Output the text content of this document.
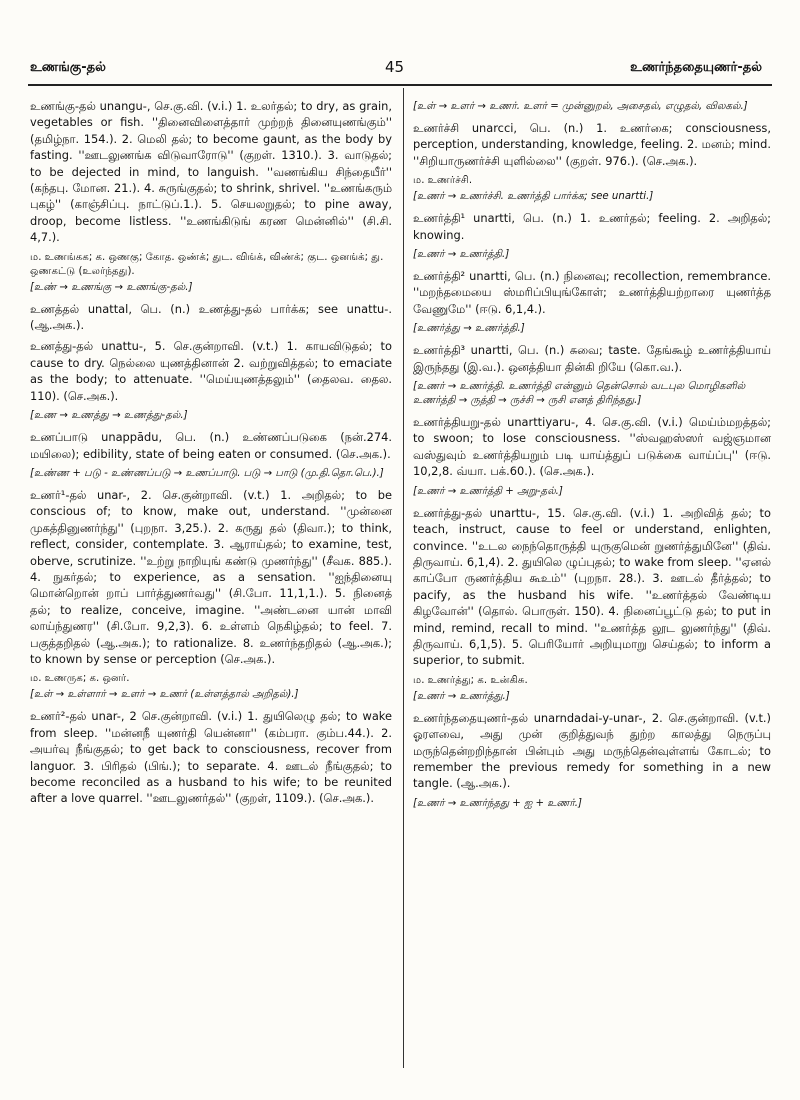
உணங்கு-தல்	45	உணர்ந்ததையுணர்-தல்
உணங்கு-தல் unangu-, செ.கு.வி. (v.i.) 1. உலர்தல்; to dry, as grain, vegetables or fish. ''தினைவிளைத்தார் முற்றந் தினையுணங்கும்'' (தமிழ்நா. 154.). 2. மெலி தல்; to become gaunt, as the body by fasting. ''ஊடலுணங்க விடுவாரோடு'' (குறள். 1310.). 3. வாடுதல்; to be dejected in mind, to languish. ''வணங்கிய சிந்தையீர்'' (கந்தபு. மோன. 21.). 4. சுருங்குதல்; to shrink, shrivel. ''உணங்கரும் புகழ்'' (காஞ்சிப்பு. நாட்டுப்.1.). 5. செயலறுதல்; to pine away, droop, become listless. ''உணங்கிடுங் கரண மென்னில்'' (சி.சி. 4,7.).
ம. உணங்கக; க. ஒணகு; கோத. ஒண்க்; துட. விங்க், விண்க்; குட. ஒனங்க்; து. ஒணகட்டு (உலர்ந்தது).
[உண் → உணங்கு → உணங்கு-தல்.]
உணத்தல் unattal, பெ. (n.) உணத்து-தல் பார்க்க; see unattu-. (ஆ.அக.).
உணத்து-தல் unattu-, 5. செ.குன்றாவி. (v.t.) 1. காயவிடுதல்; to cause to dry. நெல்லை யுணத்தினான் 2. வற்றுவித்தல்; to emaciate as the body; to attenuate. ''மெய்யுணத்தலும்'' (தைலவ. தைல. 110). (செ.அக.).
[உண → உணத்து → உணத்து-தல்.]
உணப்பாடு unappādu, பெ. (n.) உண்ணப்படுகை (நன்.274. மயிலை); edibility, state of being eaten or consumed. (செ.அக.).
[உண்ண + படு - உண்ணப்படு → உணப்பாடு. படு → பாடு (மு.தி.தொ.பெ.).]
உணர்¹-தல் unar-, 2. செ.குன்றாவி. (v.t.) 1. அறிதல்; to be conscious of; to know, make out, understand. ''முன்னை முகத்தினுணர்ந்து'' (புறநா. 3,25.). 2. கருது தல் (திவா.); to think, reflect, consider, contemplate. 3. ஆராய்தல்; to examine, test, oberve, scrutinize. ''உற்று நாறியுங் கண்டு முணர்ந்து'' (சீவக. 885.). 4. நுகர்தல்; to experience, as a sensation. ''ஐந்தினையு மொன்றொன் றாப் பார்த்துணர்வது'' (சி.போ. 11,1,1.). 5. நினைத் தல்; to realize, conceive, imagine. ''அண்டனை யான் மாவி லாய்ந்துணர'' (சி.போ. 9,2,3). 6. உள்ளம் நெகிழ்தல்; to feel. 7. பகுத்தறிதல் (ஆ.அக.); to rationalize. 8. உணர்ந்தறிதல் (ஆ.அக.); to known by sense or perception (செ.அக.).
ம. உணருக; க. ஒனர்.
[உள் → உள்ளார் → உளர் → உணர் (உள்ளத்தால் அறிதல்).]
உணர்²-தல் unar-, 2 செ.குன்றாவி. (v.i.) 1. துயிலெழு தல்; to wake from sleep. ''மன்னநீ யுணர்தி யென்னா'' (கம்பரா. கும்ப.44.). 2. அயர்வு நீங்குதல்; to get back to consciousness, recover from languor. 3. பிரிதல் (பிங்.); to separate. 4. ஊடல் நீங்குதல்; to become reconciled as a husband to his wife; to be reunited after a love quarrel. ''ஊடலுணர்தல்'' (குறள், 1109.). (செ.அக.).
[உள் → உளர் → உணர். உளர் = முன்னுறல், அசைதல், எழுதல், விலகல்.]
உணர்ச்சி unarcci, பெ. (n.) 1. உணர்கை; consciousness, perception, understanding, knowledge, feeling. 2. மனம்; mind. ''சிறியாருணர்ச்சி யுளில்லை'' (குறள். 976.). (செ.அக.).
ம. உணர்ச்சி.
[உணர் → உணர்ச்சி. உணர்த்தி பார்க்க; see unartti.]
உணர்த்தி¹ unartti, பெ. (n.) 1. உணர்தல்; feeling. 2. அறிதல்; knowing.
[உணர் → உணர்த்தி.]
உணர்த்தி² unartti, பெ. (n.) நினைவு; recollection, remembrance. ''மறந்தமையை ஸ்மரிப்பியுங்கோள்; உணர்த்தியற்றாரை யுணர்த்த வேணுமே'' (ஈடு. 6,1,4.).
[உணர்த்து → உணர்த்தி.]
உணர்த்தி³ unartti, பெ. (n.) சுவை; taste. தேங்கூழ் உணர்த்தியாய் இருந்தது (இ.வ.). ஒனத்தியா தின்கி றியே (கொ.வ.).
[உணர் → உணர்த்தி. உணர்த்தி என்னும் தென்சொல் வடபுல மொழிகளில் உணர்த்தி → ருத்தி → ருச்சி → ருசி எனத் திரிந்தது.]
உணர்த்தியறு-தல் unarttiyaru-, 4. செ.கு.வி. (v.i.) மெய்ம்மறத்தல்; to swoon; to lose consciousness. ''ஸ்வஹஸ்ஸர் வஜ்ஞமான வஸ்துவும் உணர்த்தியறும் படி யாய்த்துப் படுக்கை வாய்ப்பு'' (ஈடு. 10,2,8. வ்யா. பக்.60.). (செ.அக.).
[உணர் → உணர்த்தி + அறு-தல்.]
உணர்த்து-தல் unarttu-, 15. செ.கு.வி. (v.i.) 1. அறிவித் தல்; to teach, instruct, cause to feel or understand, enlighten, convince. ''உடல நைந்தொருத்தி யுருகுமென் றுணர்த்துமினே'' (திவ். திருவாய். 6,1,4). 2. துயிலெ ழுப்புதல்; to wake from sleep. ''ஏனல் காப்போ ருணர்த்திய கூஉம்'' (புறநா. 28.). 3. ஊடல் தீர்த்தல்; to pacify, as the husband his wife. ''உணர்த்தல் வேண்டிய கிழவோன்'' (தொல். பொருள். 150). 4. நினைப்பூட்டு தல்; to put in mind, remind, recall to mind. ''உணர்த்த லூட லுணர்ந்து'' (திவ். திருவாய். 6,1,5). 5. பெரியோர் அறியுமாறு செய்தல்; to inform a superior, to submit.
ம. உணர்த்து; க. உன்கிசு.
[உணர் → உணர்த்து.]
உணர்ந்ததையுணர்-தல் unarndadai-y-unar-, 2. செ.குன்றாவி. (v.t.) ஓரளவை, அது முன் குறித்துவந் துற்ற காலத்து நெருப்பு மருந்தென்றறிந்தான் பின்பும் அது மருந்தென்வுள்ளங் கோடல்; to remember the previous remedy for something in a new tangle. (ஆ.அக.).
[உணர் → உணர்ந்தது + ஐ + உணர்.]
